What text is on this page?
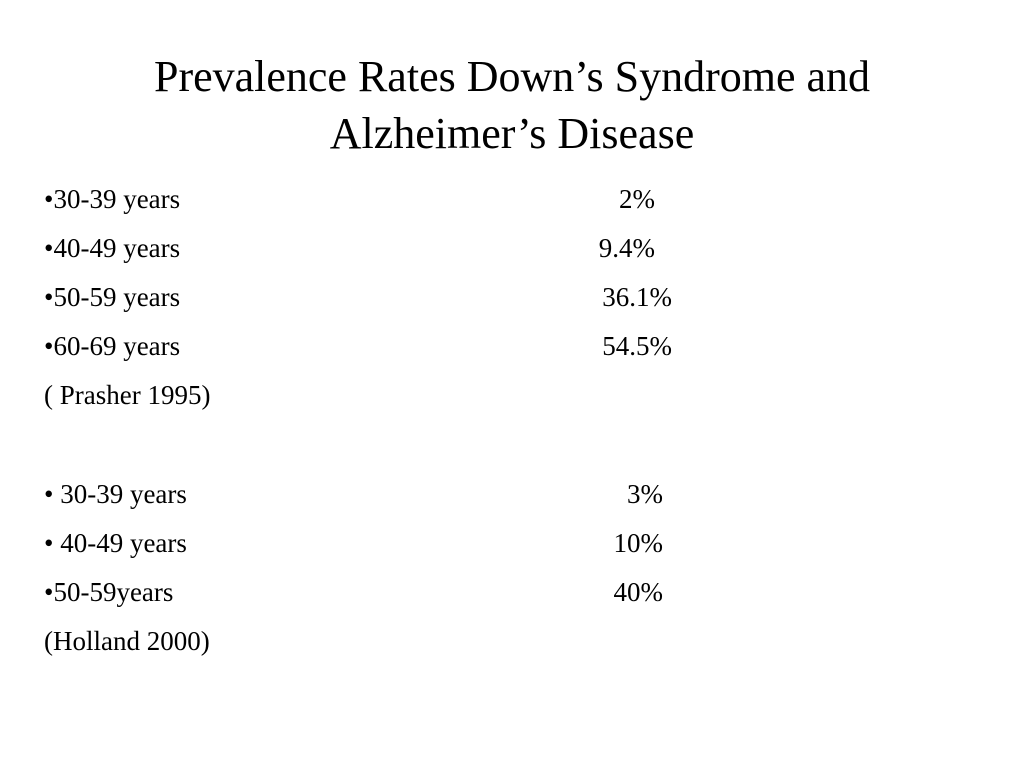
Prevalence Rates Down’s Syndrome and
Alzheimer’s Disease
•30-39 years	2%
•40-49 years	9.4%
•50-59 years	36.1%
•60-69 years	54.5%
( Prasher 1995)
• 30-39 years	3%
• 40-49 years	10%
•50-59years	40%
(Holland 2000)
